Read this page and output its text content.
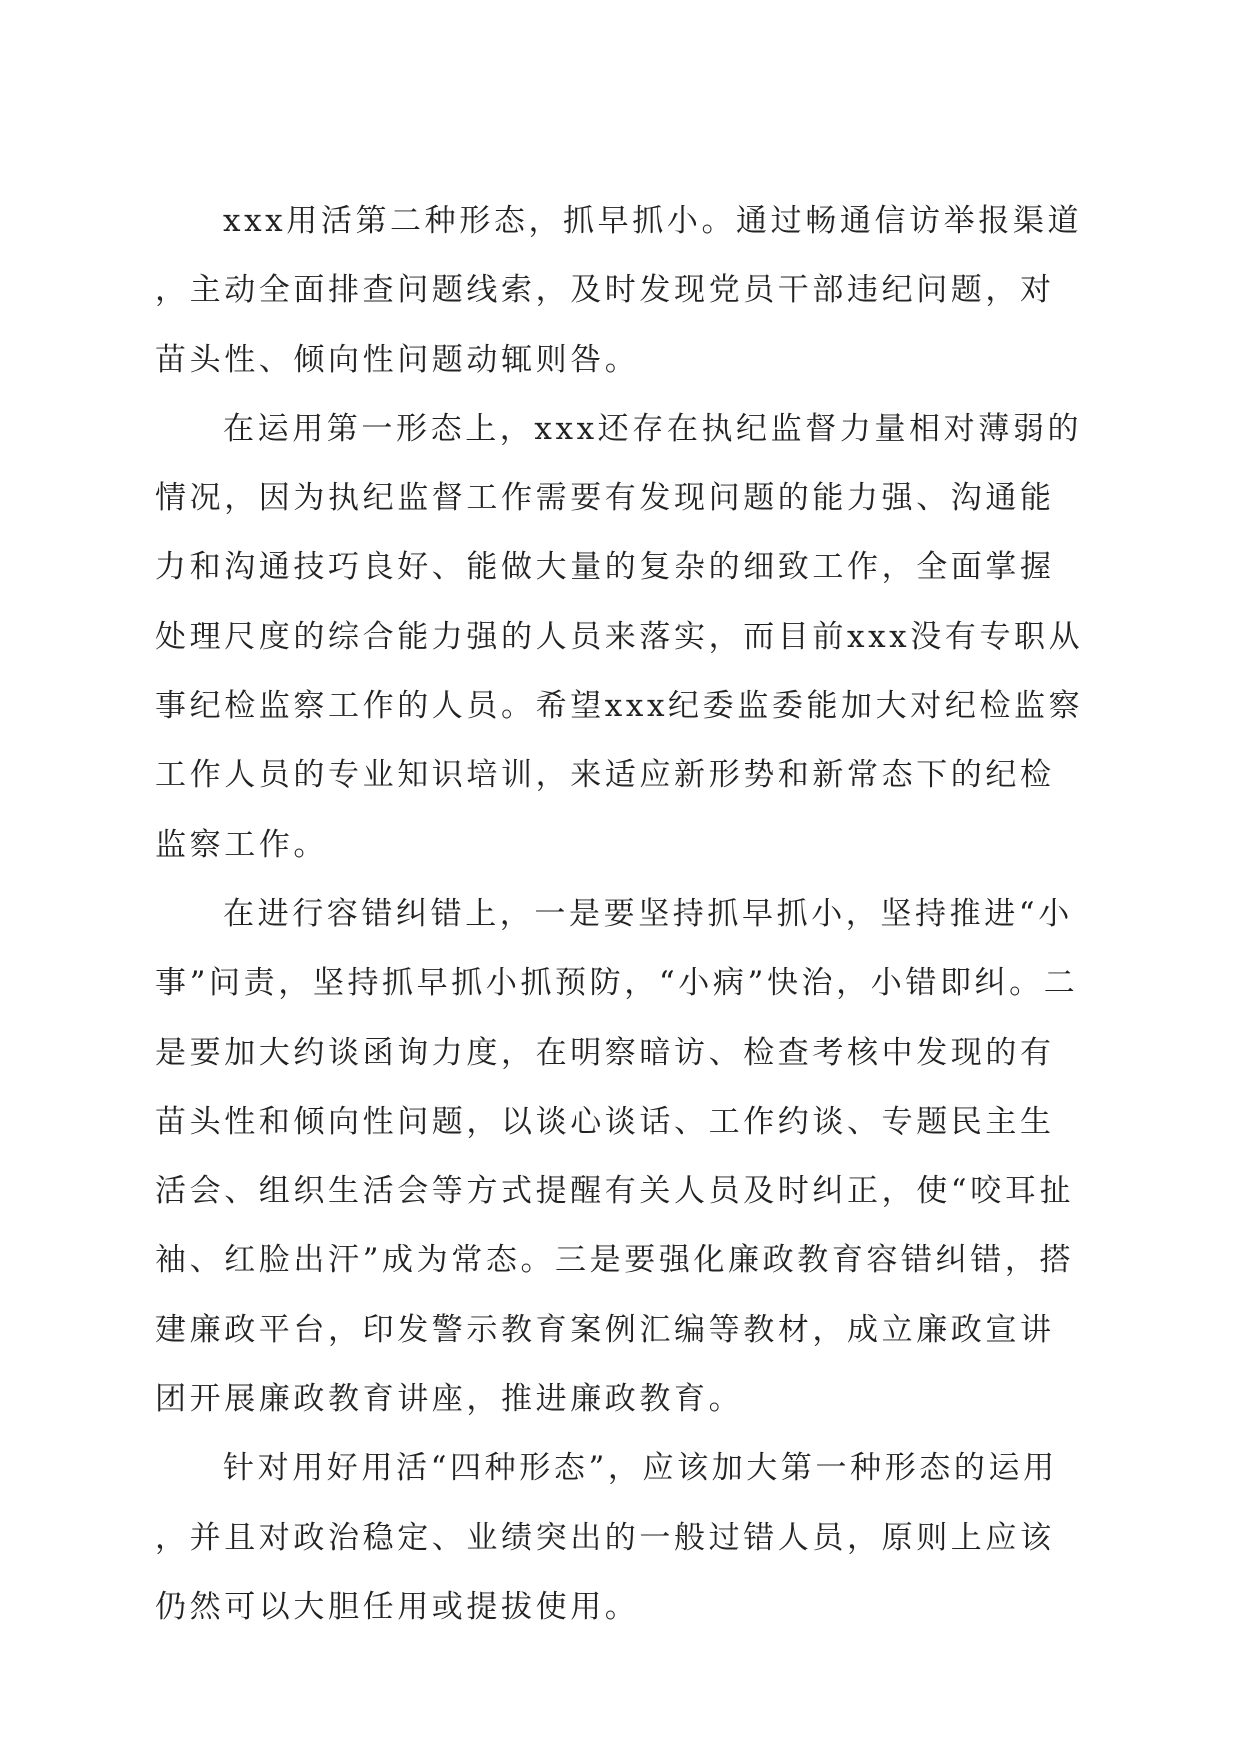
xxx用活第二种形态，抓早抓小。通过畅通信访举报渠道，主动全面排查问题线索，及时发现党员干部违纪问题，对苗头性、倾向性问题动辄则咎。

在运用第一形态上，xxx还存在执纪监督力量相对薄弱的情况，因为执纪监督工作需要有发现问题的能力强、沟通能力和沟通技巧良好、能做大量的复杂的细致工作，全面掌握处理尺度的综合能力强的人员来落实，而目前xxx没有专职从事纪检监察工作的人员。希望xxx纪委监委能加大对纪检监察工作人员的专业知识培训，来适应新形势和新常态下的纪检监察工作。

在进行容错纠错上，一是要坚持抓早抓小，坚持推进“小事”问责，坚持抓早抓小抓预防，“小病”快治，小错即纠。二是要加大约谈函询力度，在明察暗访、检查考核中发现的有苗头性和倾向性问题，以谈心谈话、工作约谈、专题民主生活会、组织生活会等方式提醒有关人员及时纠正，使“咬耳扯袖、红脸出汗”成为常态。三是要强化廉政教育容错纠错，搭建廉政平台，印发警示教育案例汇编等教材，成立廉政宣讲团开展廉政教育讲座，推进廉政教育。

针对用好用活“四种形态”，应该加大第一种形态的运用，并且对政治稳定、业绩突出的一般过错人员，原则上应该仍然可以大胆任用或提拔使用。
